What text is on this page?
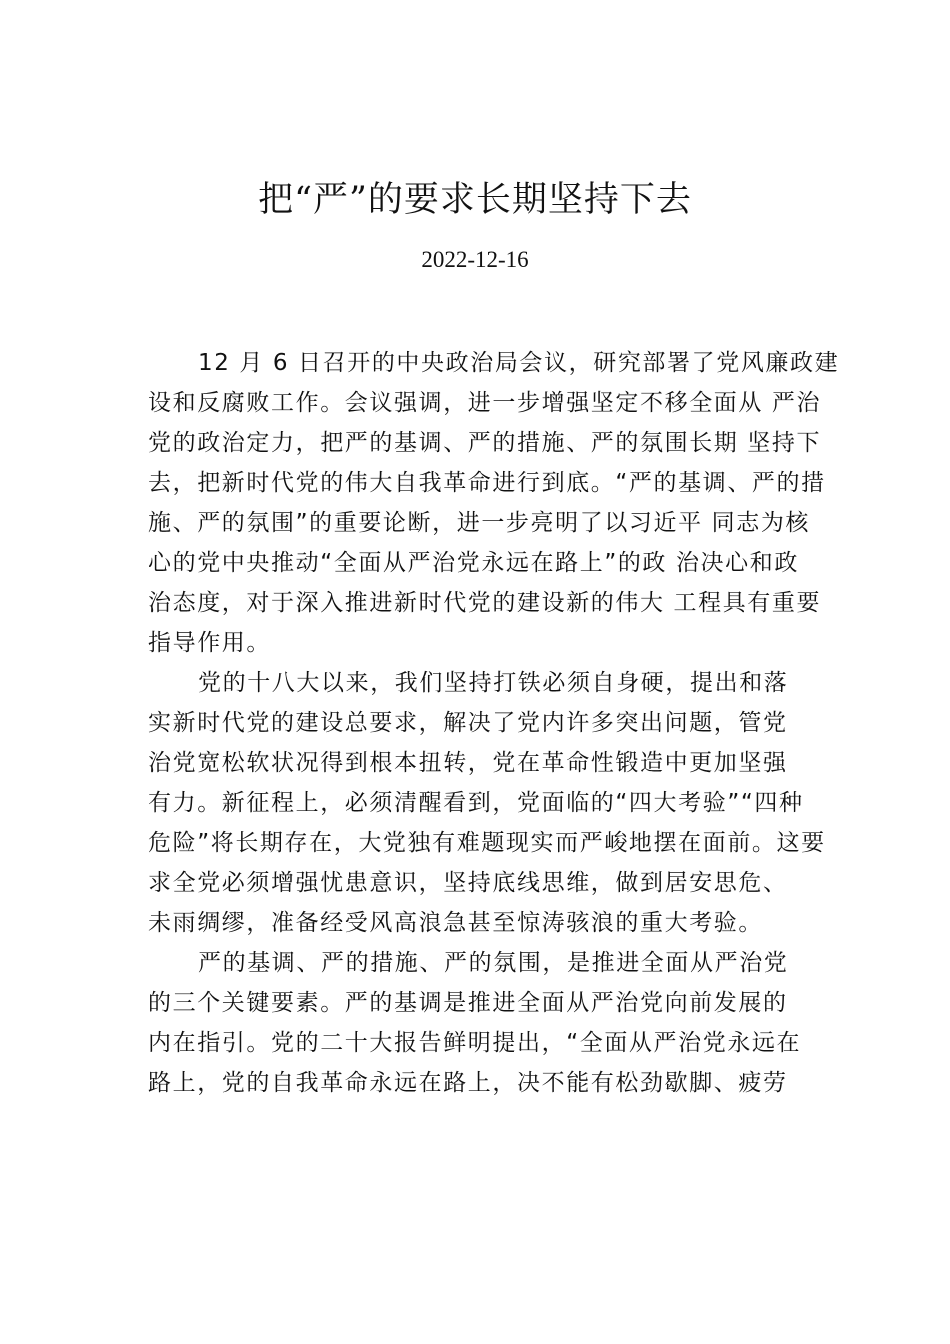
把“严”的要求长期坚持下去
2022-12-16
12 月 6 日召开的中央政治局会议，研究部署了党风廉政建
设和反腐败工作。会议强调，进一步增强坚定不移全面从 严治
党的政治定力，把严的基调、严的措施、严的氛围长期 坚持下
去，把新时代党的伟大自我革命进行到底。“严的基调、严的措
施、严的氛围”的重要论断，进一步亮明了以习近平 同志为核
心的党中央推动“全面从严治党永远在路上”的政 治决心和政
治态度，对于深入推进新时代党的建设新的伟大 工程具有重要
指导作用。
党的十八大以来，我们坚持打铁必须自身硬，提出和落
实新时代党的建设总要求，解决了党内许多突出问题，管党
治党宽松软状况得到根本扭转，党在革命性锻造中更加坚强
有力。新征程上，必须清醒看到，党面临的“四大考验”“四种
危险”将长期存在，大党独有难题现实而严峻地摆在面前。这要
求全党必须增强忧患意识，坚持底线思维，做到居安思危、
未雨绸缪，准备经受风高浪急甚至惊涛骇浪的重大考验。
严的基调、严的措施、严的氛围，是推进全面从严治党
的三个关键要素。严的基调是推进全面从严治党向前发展的
内在指引。党的二十大报告鲜明提出，“全面从严治党永远在
路上，党的自我革命永远在路上，决不能有松劲歇脚、疲劳
